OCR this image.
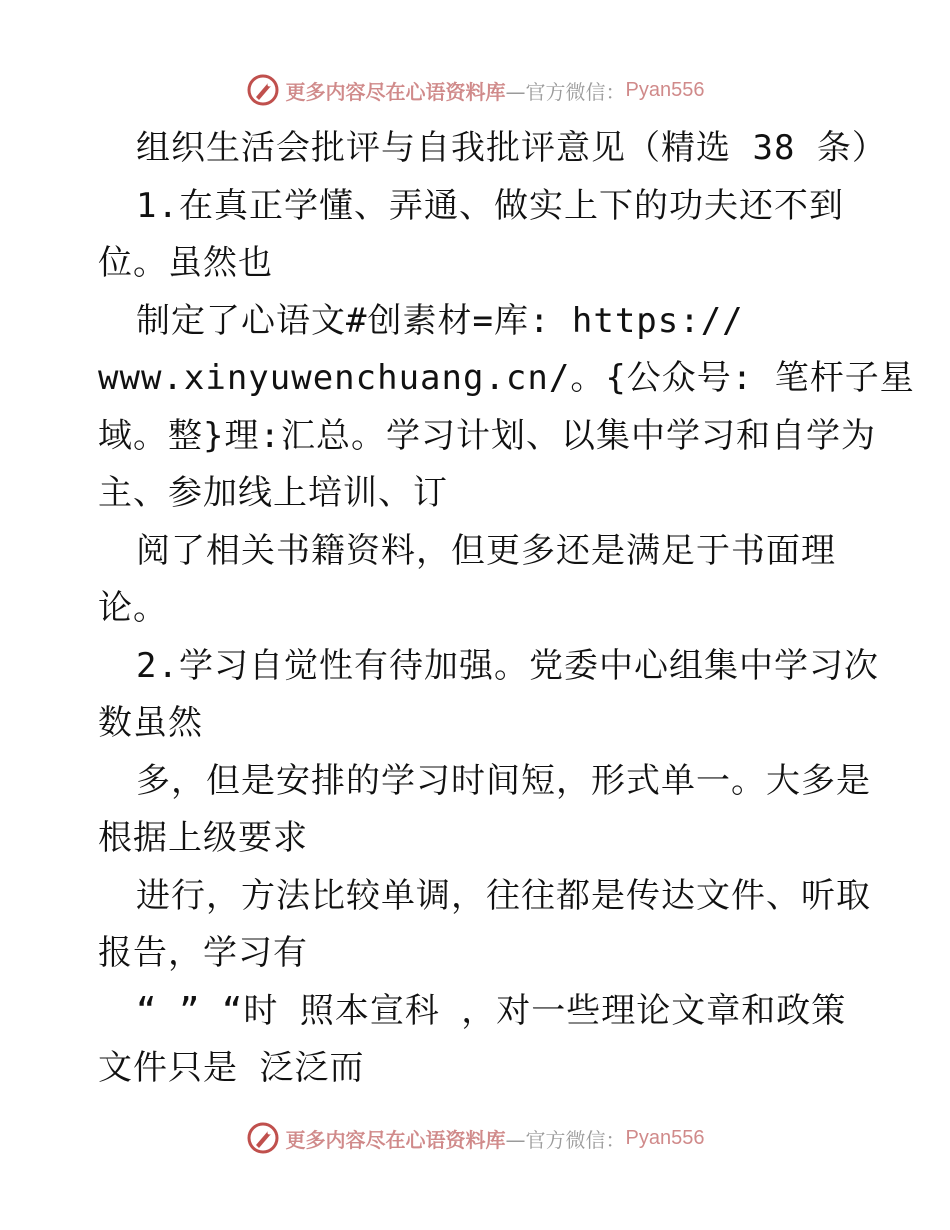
更多内容尽在心语资料库 —官方微信： Pyan556
组织生活会批评与自我批评意见（精选 38 条）
1.在真正学懂、弄通、做实上下的功夫还不到
位。虽然也
制定了心语文#创素材=库: https://
www.xinyuwenchuang.cn/。{公众号: 笔杆子星
域。整}理:汇总。学习计划、以集中学习和自学为
主、参加线上培训、订
阅了相关书籍资料，但更多还是满足于书面理
论。
2.学习自觉性有待加强。党委中心组集中学习次
数虽然
多，但是安排的学习时间短，形式单一。大多是
根据上级要求
进行，方法比较单调，往往都是传达文件、听取
报告，学习有
“ ” “时 照本宣科 ，对一些理论文章和政策
文件只是 泛泛而
更多内容尽在心语资料库 —官方微信： Pyan556
